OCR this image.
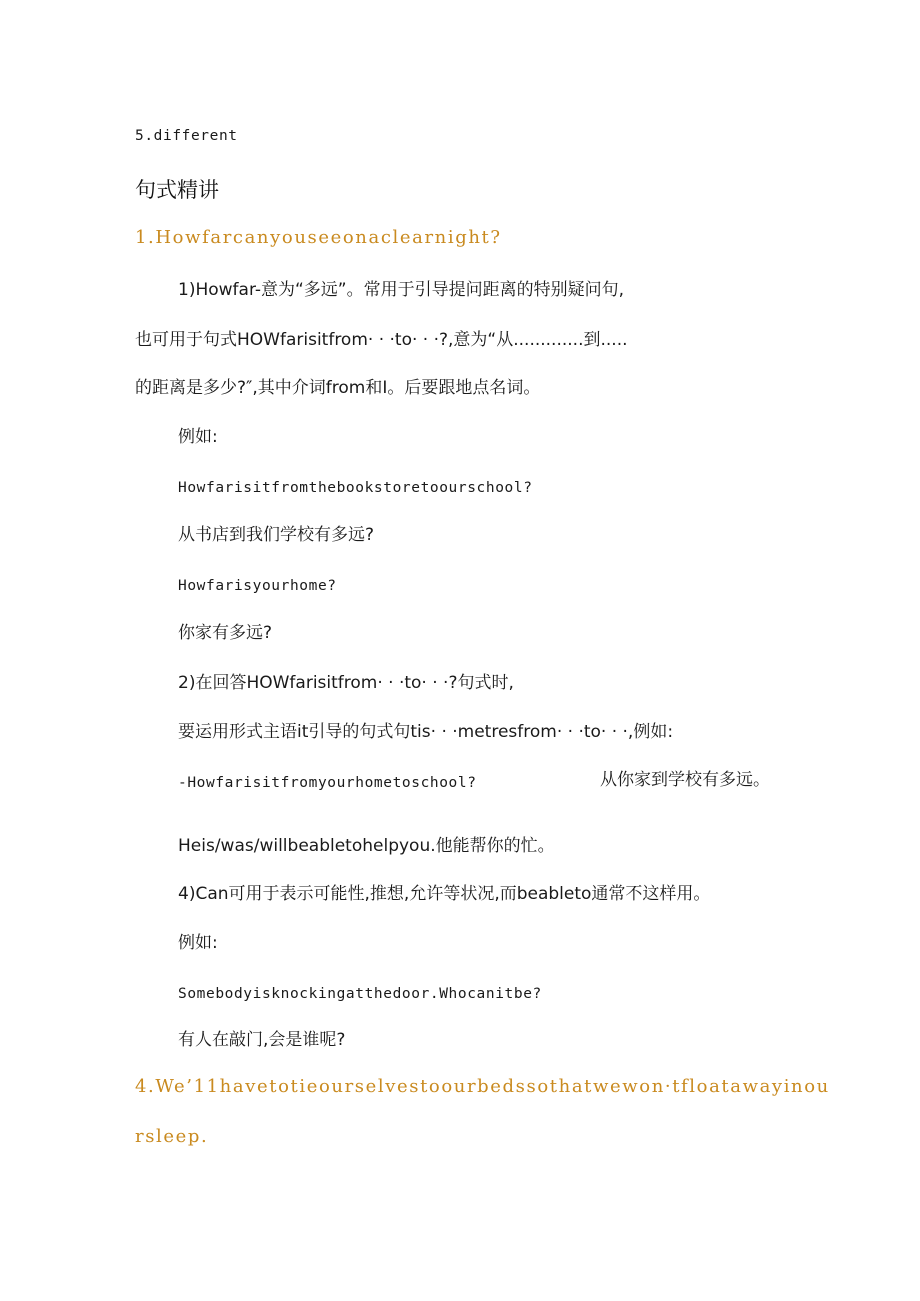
5.different
句式精讲
1.Howfarcanyouseeonaclearnight?
1)Howfar-意为“多远”。常用于引导提问距离的特别疑问句,
也可用于句式HOWfarisitfrom· · ·to· · ·?,意为“从.............到.....
的距离是多少?″,其中介词from和I。后要跟地点名词。
例如:
Howfarisitfromthebookstoretoourschool?
从书店到我们学校有多远?
Howfarisyourhome?
你家有多远?
2)在回答HOWfarisitfrom· · ·to· · ·?句式时,
要运用形式主语it引导的句式句tis· · ·metresfrom· · ·to· · ·,例如:
-Howfarisitfromyourhometoschool?	从你家到学校有多远。
Heis/was/willbeabletohelpyou.他能帮你的忙。
4)Can可用于表示可能性,推想,允许等状况,而beableto通常不这样用。
例如:
Somebodyisknockingatthedoor.Whocanitbe?
有人在敲门,会是谁呢?
4.We’11havetotieourselvestoourbedssothatwewon·tfloatawayinou
rsleep.
